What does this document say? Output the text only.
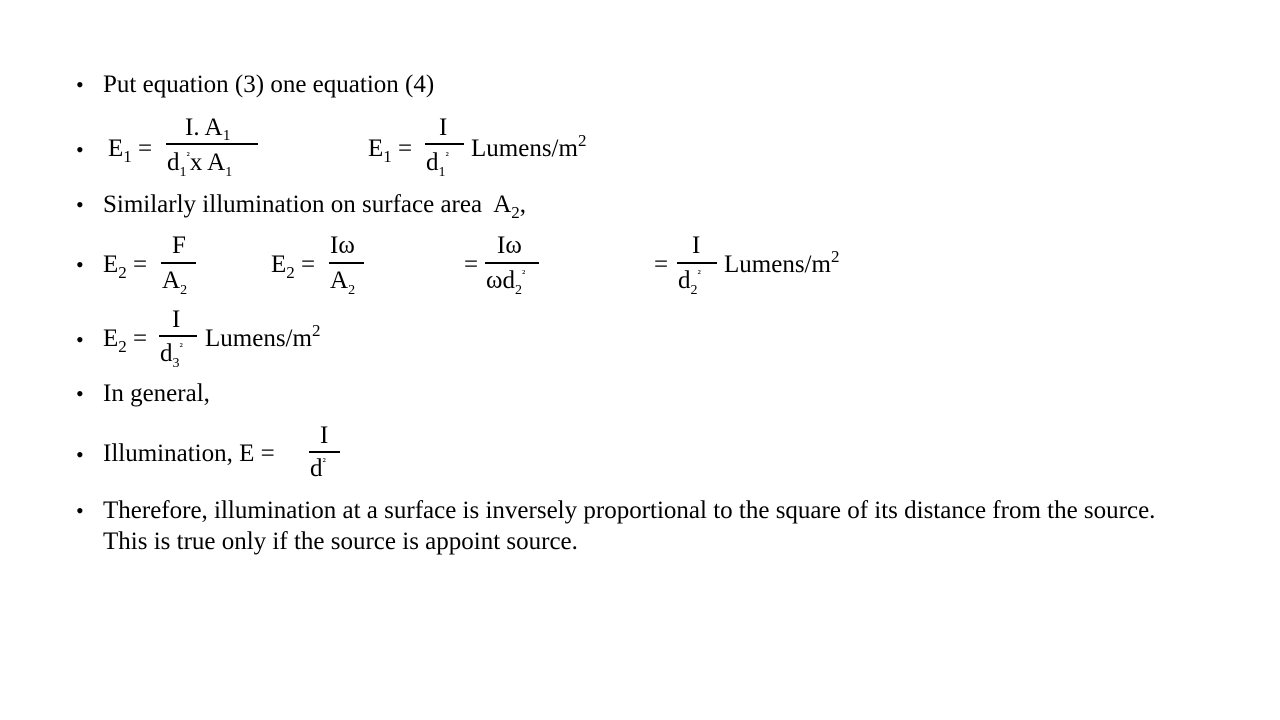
• Put equation (3) one equation (4)
• $E_1$ =
I. A₁
$d_1^{^2}x$ $A_1$
$E_1$ =
I
$d_1^{^2}$ Lumens/$m^2$
• Similarly illumination on surface area $A_2$,
• $E_2$ =
F
$A_2$
$E_2$ =
Iω
$A_2$
=
Iω
$\omega d_2^{^2}$	=
I
$d_2^{^2}$ Lumens/$m^2$
• $E_2$ =
I
$d_3^{^2}$ Lumens/$m^2$
• In general,
• Illumination, E =
I
$d^{^2}$
• Therefore, illumination at a surface is inversely proportional to the square of its distance from the source. This is true only if the source is appoint source.
